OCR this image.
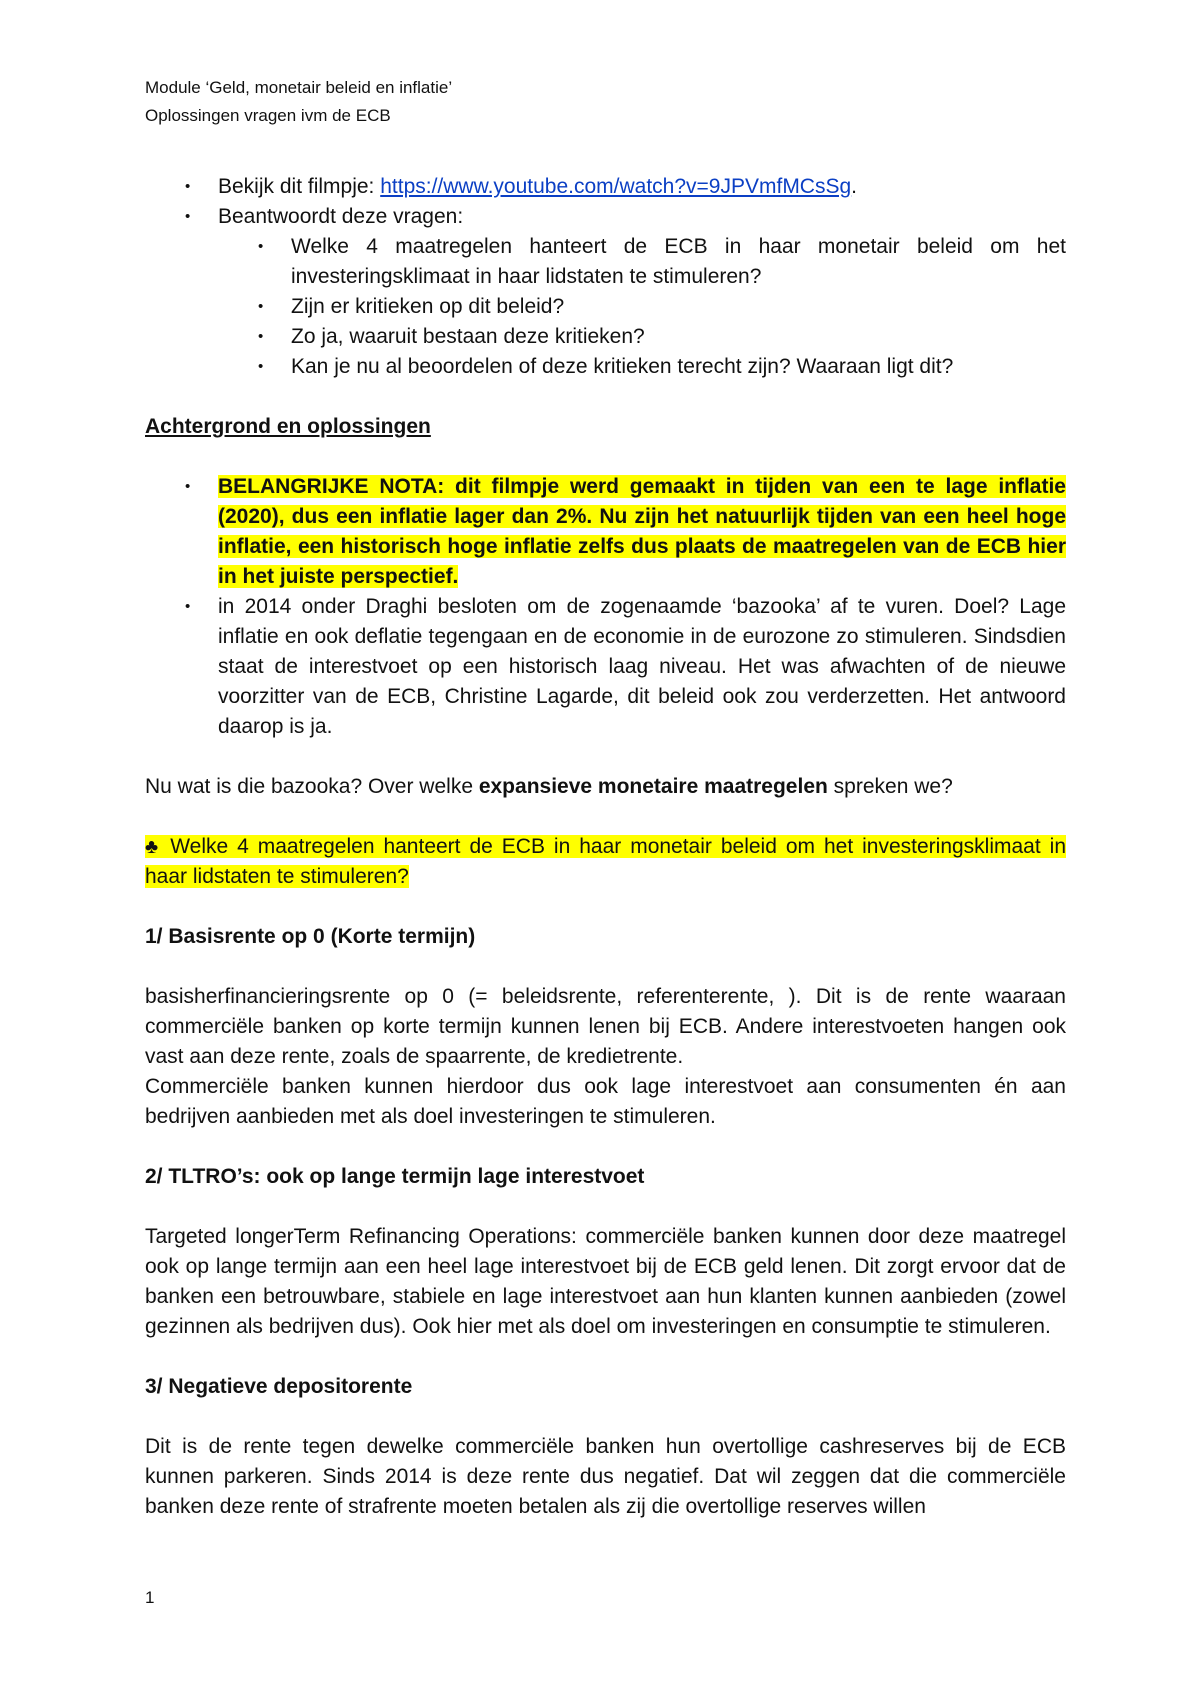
Module ‘Geld, monetair beleid en inflatie’
Oplossingen vragen ivm de ECB
• Bekijk dit filmpje: https://www.youtube.com/watch?v=9JPVmfMCsSg.
• Beantwoordt deze vragen:
• Welke 4 maatregelen hanteert de ECB in haar monetair beleid om het investeringsklimaat in haar lidstaten te stimuleren?
• Zijn er kritieken op dit beleid?
• Zo ja, waaruit bestaan deze kritieken?
• Kan je nu al beoordelen of deze kritieken terecht zijn? Waaraan ligt dit?

Achtergrond en oplossingen

• BELANGRIJKE NOTA: dit filmpje werd gemaakt in tijden van een te lage inflatie (2020), dus een inflatie lager dan 2%. Nu zijn het natuurlijk tijden van een heel hoge inflatie, een historisch hoge inflatie zelfs dus plaats de maatregelen van de ECB hier in het juiste perspectief.
• in 2014 onder Draghi besloten om de zogenaamde ‘bazooka’ af te vuren. Doel? Lage inflatie en ook deflatie tegengaan en de economie in de eurozone zo stimuleren. Sindsdien staat de interestvoet op een historisch laag niveau. Het was afwachten of de nieuwe voorzitter van de ECB, Christine Lagarde, dit beleid ook zou verderzetten. Het antwoord daarop is ja.

Nu wat is die bazooka? Over welke expansieve monetaire maatregelen spreken we?

♣ Welke 4 maatregelen hanteert de ECB in haar monetair beleid om het investeringsklimaat in haar lidstaten te stimuleren?

1/ Basisrente op 0 (Korte termijn)

basisherfinancieringsrente op 0 (= beleidsrente, referenterente, ). Dit is de rente waaraan commerciële banken op korte termijn kunnen lenen bij ECB. Andere interestvoeten hangen ook vast aan deze rente, zoals de spaarrente, de kredietrente.

Commerciële banken kunnen hierdoor dus ook lage interestvoet aan consumenten én aan bedrijven aanbieden met als doel investeringen te stimuleren.

2/ TLTRO’s: ook op lange termijn lage interestvoet

Targeted longerTerm Refinancing Operations: commerciële banken kunnen door deze maatregel ook op lange termijn aan een heel lage interestvoet bij de ECB geld lenen. Dit zorgt ervoor dat de banken een betrouwbare, stabiele en lage interestvoet aan hun klanten kunnen aanbieden (zowel gezinnen als bedrijven dus). Ook hier met als doel om investeringen en consumptie te stimuleren.

3/ Negatieve depositorente

Dit is de rente tegen dewelke commerciële banken hun overtollige cashreserves bij de ECB kunnen parkeren. Sinds 2014 is deze rente dus negatief. Dat wil zeggen dat die commerciële banken deze rente of strafrente moeten betalen als zij die overtollige reserves willen

1
